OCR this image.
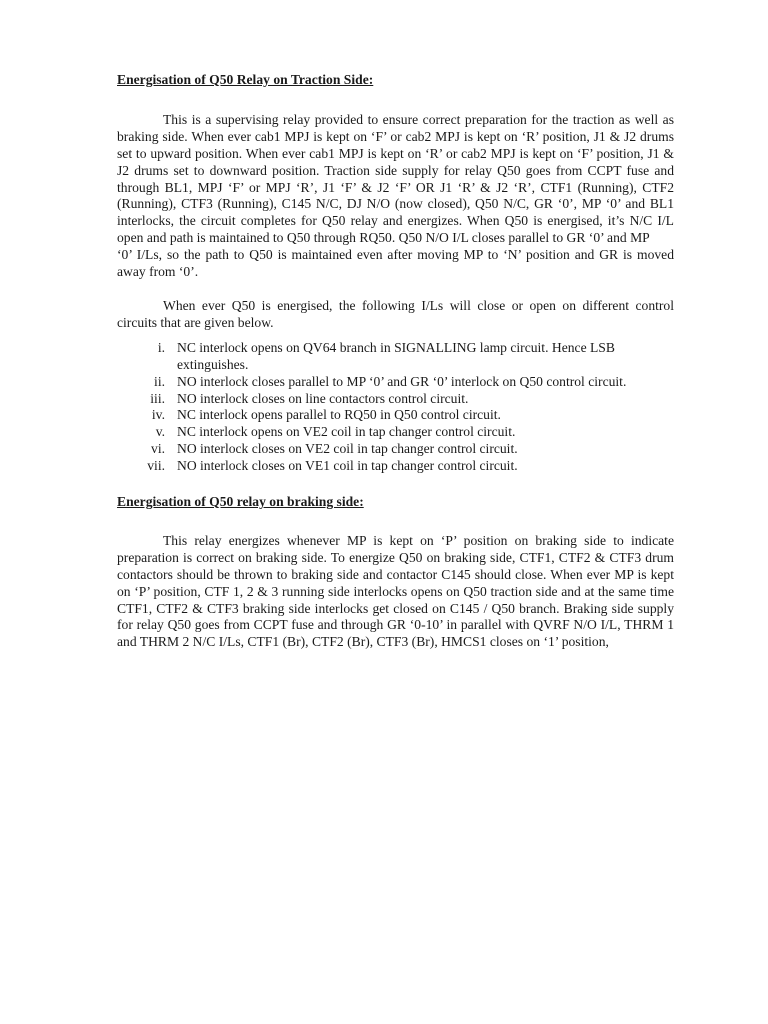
Energisation of Q50 Relay on Traction Side:

This is a supervising relay provided to ensure correct preparation for the traction as well as braking side. When ever cab1 MPJ is kept on ‘F’ or cab2 MPJ is kept on ‘R’ position, J1 & J2 drums set to upward position. When ever cab1 MPJ is kept on ‘R’ or cab2 MPJ is kept on ‘F’ position, J1 & J2 drums set to downward position. Traction side supply for relay Q50 goes from CCPT fuse and through BL1, MPJ ‘F’ or MPJ ‘R’, J1 ‘F’ & J2 ‘F’ OR J1 ‘R’ & J2 ‘R’, CTF1 (Running), CTF2 (Running), CTF3 (Running), C145 N/C, DJ N/O (now closed), Q50 N/C, GR ‘0’, MP ‘0’ and BL1 interlocks, the circuit completes for Q50 relay and energizes. When Q50 is energised, it’s N/C I/L open and path is maintained to Q50 through RQ50. Q50 N/O I/L closes parallel to GR ‘0’ and MP

‘0’ I/Ls, so the path to Q50 is maintained even after moving MP to ‘N’ position and GR is moved away from ‘0’.

When ever Q50 is energised, the following I/Ls will close or open on different control circuits that are given below.

i. NC interlock opens on QV64 branch in SIGNALLING lamp circuit. Hence LSB extinguishes.
ii. NO interlock closes parallel to MP ‘0’ and GR ‘0’ interlock on Q50 control circuit.
iii. NO interlock closes on line contactors control circuit.
iv. NC interlock opens parallel to RQ50 in Q50 control circuit.
v. NC interlock opens on VE2 coil in tap changer control circuit.
vi. NO interlock closes on VE2 coil in tap changer control circuit.
vii. NO interlock closes on VE1 coil in tap changer control circuit.

Energisation of Q50 relay on braking side:

This relay energizes whenever MP is kept on ‘P’ position on braking side to indicate preparation is correct on braking side. To energize Q50 on braking side, CTF1, CTF2 & CTF3 drum contactors should be thrown to braking side and contactor C145 should close. When ever MP is kept on ‘P’ position, CTF 1, 2 & 3 running side interlocks opens on Q50 traction side and at the same time CTF1, CTF2 & CTF3 braking side interlocks get closed on C145 / Q50 branch. Braking side supply for relay Q50 goes from CCPT fuse and through GR ‘0-10’ in parallel with QVRF N/O I/L, THRM 1 and THRM 2 N/C I/Ls, CTF1 (Br), CTF2 (Br), CTF3 (Br), HMCS1 closes on ‘1’ position,
